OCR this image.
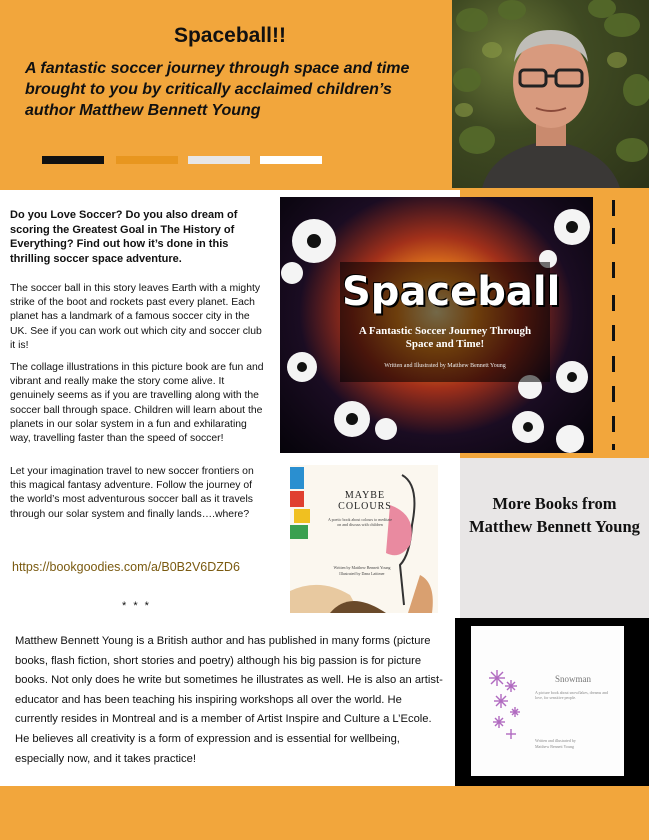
Spaceball!!
A fantastic soccer journey through space and time brought to you by critically acclaimed children’s author Matthew Bennett Young
Do you Love Soccer? Do you also dream of scoring the Greatest Goal in The History of Everything? Find out how it’s done in this thrilling soccer space adventure.

The soccer ball in this story leaves Earth with a mighty strike of the boot and rockets past every planet. Each planet has a landmark of a famous soccer city in the UK. See if you can work out which city and soccer club it is!

The collage illustrations in this picture book are fun and vibrant and really make the story come alive. It genuinely seems as if you are travelling along with the soccer ball through space. Children will learn about the planets in our solar system in a fun and exhilarating way, travelling faster than the speed of soccer!

Let your imagination travel to new soccer frontiers on this magical fantasy adventure. Follow the journey of the world’s most adventurous soccer ball as it travels through our solar system and finally lands….where?

https://bookgoodies.com/a/B0B2V6DZD6
* * *
Spaceball
A Fantastic Soccer Journey Through Space and Time!
Written and Illustrated by Matthew Bennett Young
MAYBE COLOURS
A poetic book about colours to meditate on and discuss with children
Written by Matthew Bennett Young
Illustrated by Dana Lattimer
More Books from Matthew Bennett Young
Matthew Bennett Young is a British author and has published in many forms (picture books, flash fiction, short stories and poetry) although his big passion is for picture books. Not only does he write but sometimes he illustrates as well. He is also an artist-educator and has been teaching his inspiring workshops all over the world. He currently resides in Montreal and is a member of Artist Inspire and Culture a L’Ecole. He believes all creativity is a form of expression and is essential for wellbeing, especially now, and it takes practice!
Snowman
A picture book about snowflakes, dreams and love, for sensitive people.
Written and illustrated by
Matthew Bennett Young
